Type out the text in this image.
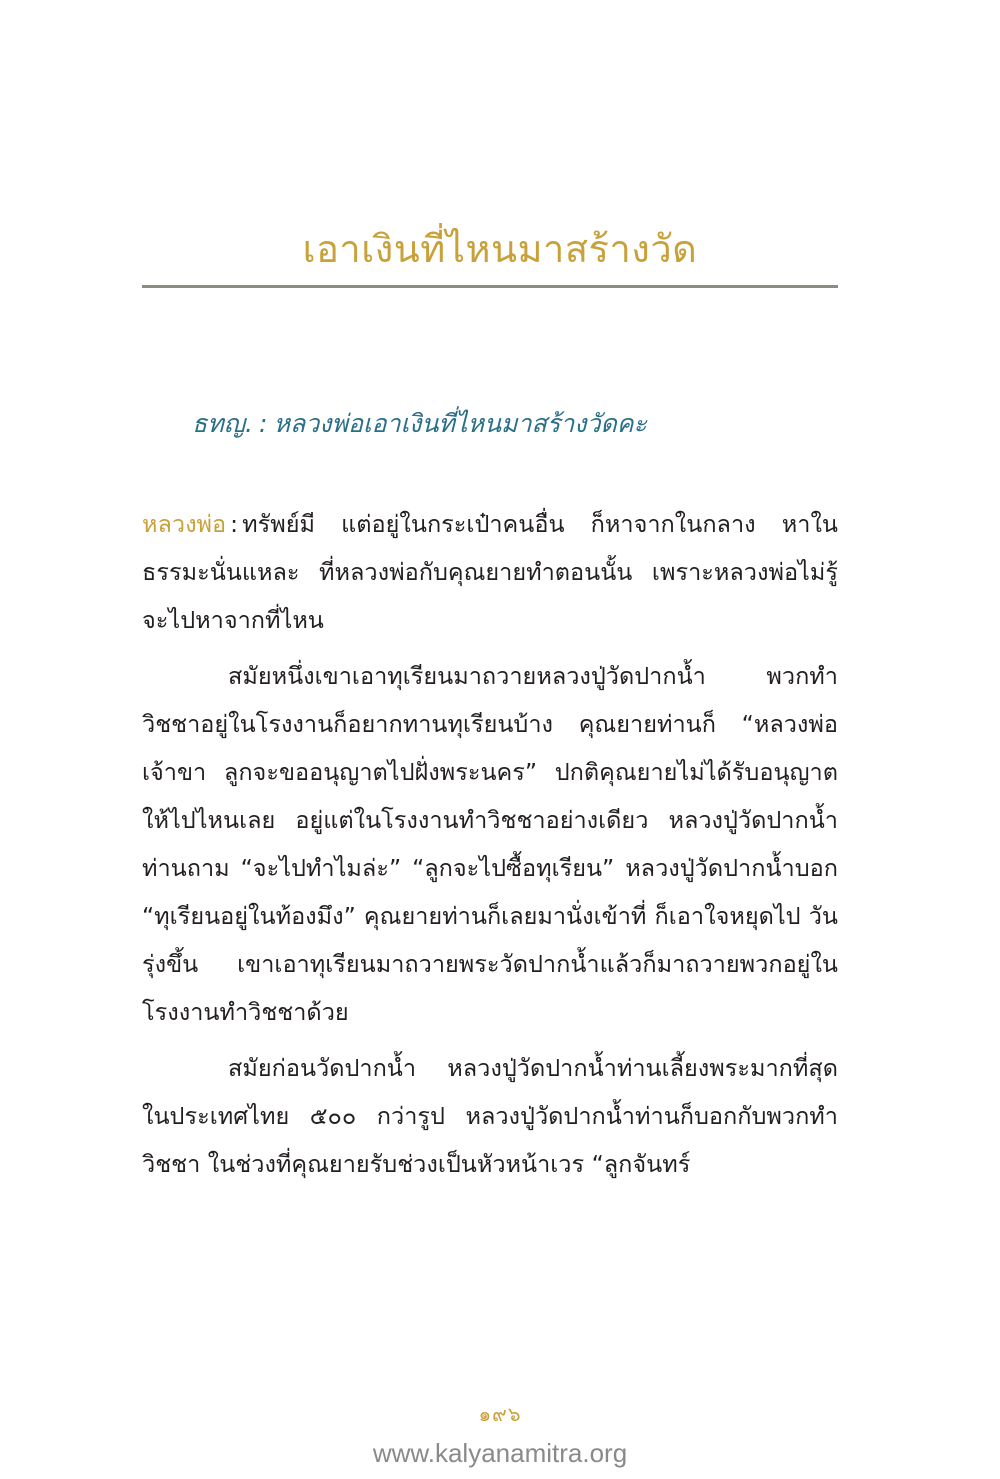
เอาเงินที่ไหนมาสร้างวัด
ธทญ. : หลวงพ่อเอาเงินที่ไหนมาสร้างวัดคะ

หลวงพ่อ : ทรัพย์มี แต่อยู่ในกระเป๋าคนอื่น ก็หาจากในกลาง หาในธรรมะนั่นแหละ ที่หลวงพ่อกับคุณยายทำตอนนั้น เพราะหลวงพ่อไม่รู้จะไปหาจากที่ไหน

สมัยหนึ่งเขาเอาทุเรียนมาถวายหลวงปู่วัดปากน้ำ พวกทำวิชชาอยู่ในโรงงานก็อยากทานทุเรียนบ้าง คุณยายท่านก็ “หลวงพ่อเจ้าขา ลูกจะขออนุญาตไปฝั่งพระนคร” ปกติคุณยายไม่ได้รับอนุญาตให้ไปไหนเลย อยู่แต่ในโรงงานทำวิชชาอย่างเดียว หลวงปู่วัดปากน้ำท่านถาม “จะไปทำไมล่ะ” “ลูกจะไปซื้อทุเรียน” หลวงปู่วัดปากน้ำบอก “ทุเรียนอยู่ในท้องมึง” คุณยายท่านก็เลยมานั่งเข้าที่ ก็เอาใจหยุดไป วันรุ่งขึ้น เขาเอาทุเรียนมาถวายพระวัดปากน้ำแล้วก็มาถวายพวกอยู่ในโรงงานทำวิชชาด้วย

สมัยก่อนวัดปากน้ำ หลวงปู่วัดปากน้ำท่านเลี้ยงพระมากที่สุดในประเทศไทย ๕๐๐ กว่ารูป หลวงปู่วัดปากน้ำท่านก็บอกกับพวกทำวิชชา ในช่วงที่คุณยายรับช่วงเป็นหัวหน้าเวร “ลูกจันทร์

๑๙๖
www.kalyanamitra.org
